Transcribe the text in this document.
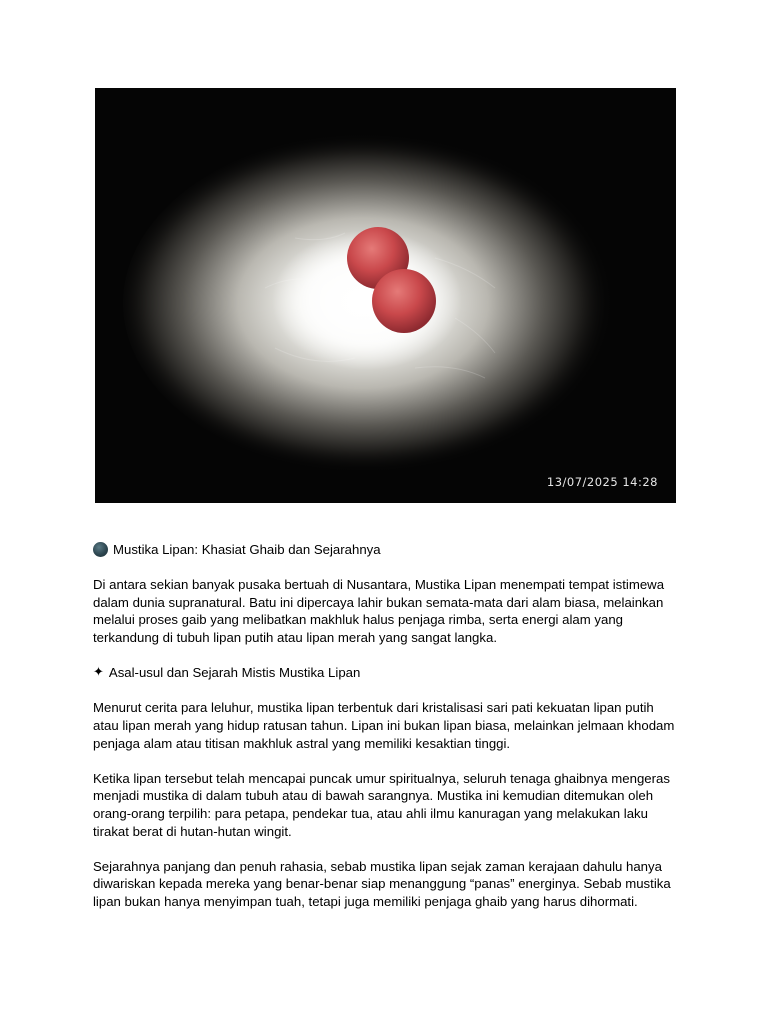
13/07/2025 14:28

Mustika Lipan: Khasiat Ghaib dan Sejarahnya

Di antara sekian banyak pusaka bertuah di Nusantara, Mustika Lipan menempati tempat istimewa dalam dunia supranatural. Batu ini dipercaya lahir bukan semata-mata dari alam biasa, melainkan melalui proses gaib yang melibatkan makhluk halus penjaga rimba, serta energi alam yang terkandung di tubuh lipan putih atau lipan merah yang sangat langka.

✦ Asal-usul dan Sejarah Mistis Mustika Lipan

Menurut cerita para leluhur, mustika lipan terbentuk dari kristalisasi sari pati kekuatan lipan putih atau lipan merah yang hidup ratusan tahun. Lipan ini bukan lipan biasa, melainkan jelmaan khodam penjaga alam atau titisan makhluk astral yang memiliki kesaktian tinggi.

Ketika lipan tersebut telah mencapai puncak umur spiritualnya, seluruh tenaga ghaibnya mengeras menjadi mustika di dalam tubuh atau di bawah sarangnya. Mustika ini kemudian ditemukan oleh orang-orang terpilih: para petapa, pendekar tua, atau ahli ilmu kanuragan yang melakukan laku tirakat berat di hutan-hutan wingit.

Sejarahnya panjang dan penuh rahasia, sebab mustika lipan sejak zaman kerajaan dahulu hanya diwariskan kepada mereka yang benar-benar siap menanggung “panas” energinya. Sebab mustika lipan bukan hanya menyimpan tuah, tetapi juga memiliki penjaga ghaib yang harus dihormati.
